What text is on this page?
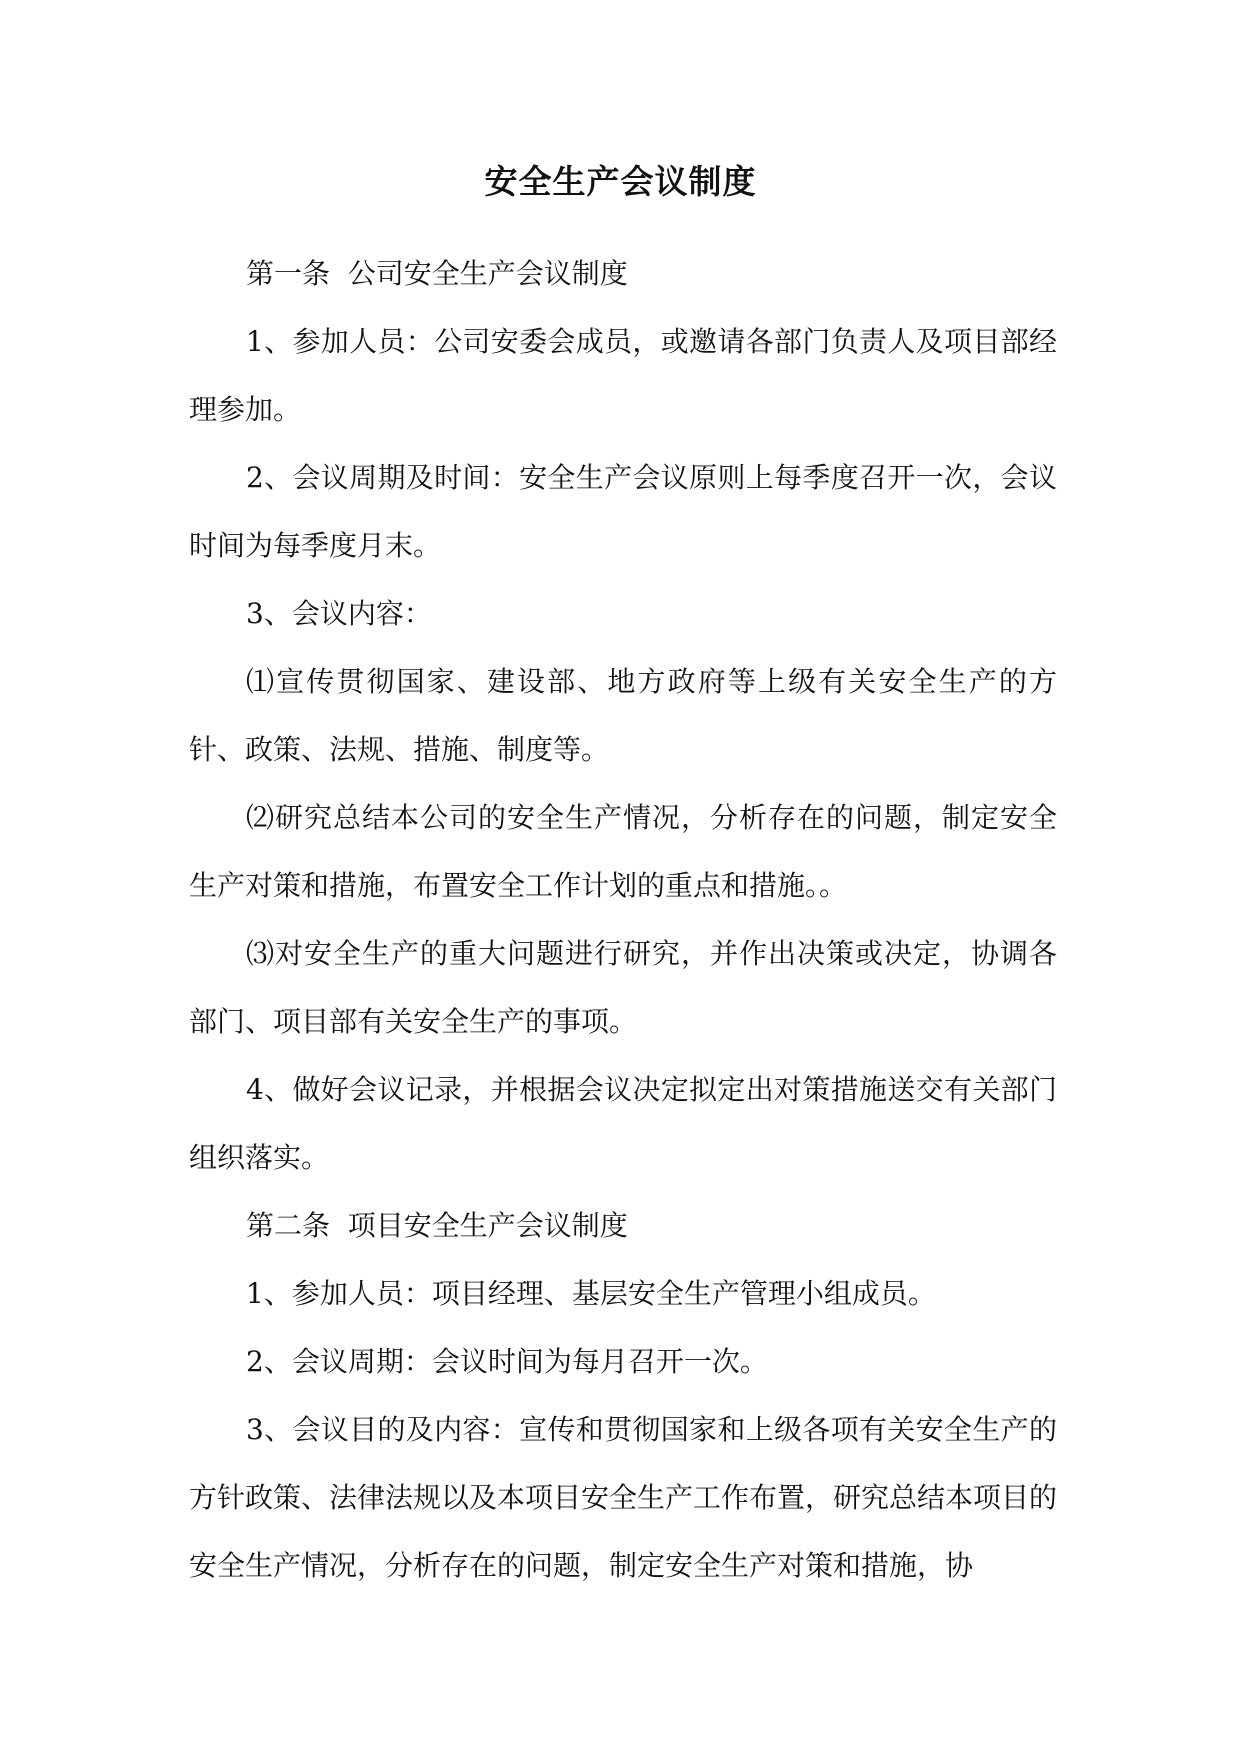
安全生产会议制度

第一条  公司安全生产会议制度

1、参加人员：公司安委会成员，或邀请各部门负责人及项目部经理参加。

2、会议周期及时间：安全生产会议原则上每季度召开一次，会议时间为每季度月末。

3、会议内容：

⑴宣传贯彻国家、建设部、地方政府等上级有关安全生产的方针、政策、法规、措施、制度等。

⑵研究总结本公司的安全生产情况，分析存在的问题，制定安全生产对策和措施，布置安全工作计划的重点和措施。。

⑶对安全生产的重大问题进行研究，并作出决策或决定，协调各部门、项目部有关安全生产的事项。

4、做好会议记录，并根据会议决定拟定出对策措施送交有关部门组织落实。

第二条  项目安全生产会议制度

1、参加人员：项目经理、基层安全生产管理小组成员。

2、会议周期：会议时间为每月召开一次。

3、会议目的及内容：宣传和贯彻国家和上级各项有关安全生产的方针政策、法律法规以及本项目安全生产工作布置，研究总结本项目的安全生产情况，分析存在的问题，制定安全生产对策和措施，协
